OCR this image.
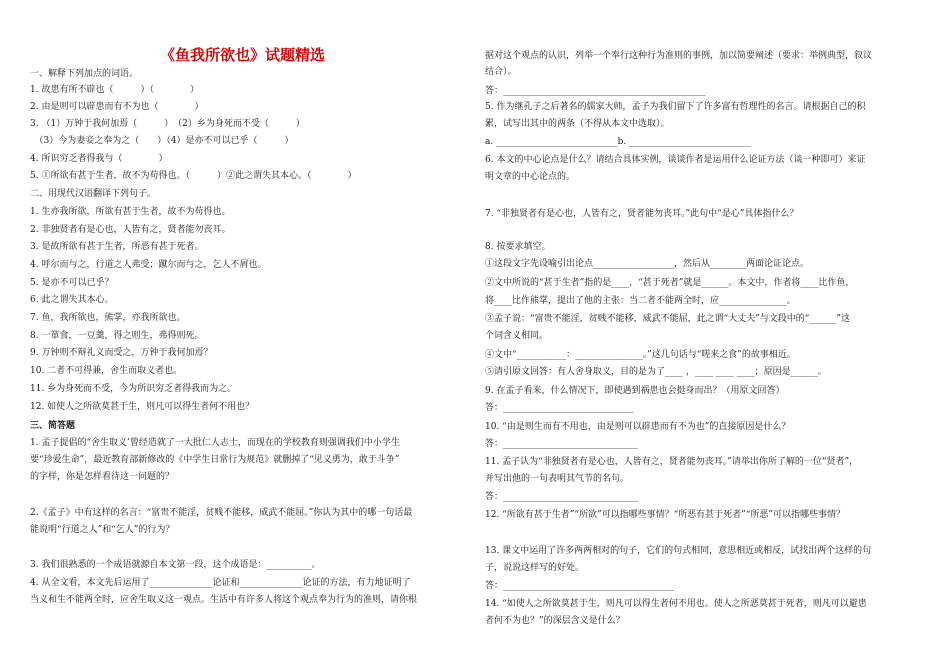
《鱼我所欲也》试题精选
一、解释下列加点的词语。
1. 故患有所不辟也（　　　）（　　　　）
2. 由是则可以辟患而有不为也（　　　　）
3. （1）万钟于我何加焉（　　　）　（2）乡为身死而不受（　　　）
　（3）今为妻妾之奉为之（　　）（4）是亦不可以已乎（　　　）
4. 所识穷乏者得我与（　　　　）
5. ①所欲有甚于生者，故不为苟得也。（　　　）②此之谓失其本心。（　　　　）
二、用现代汉语翻译下列句子。
1. 生亦我所欲，所欲有甚于生者，故不为苟得也。
2. 非独贤者有是心也，人皆有之，贤者能勿丧耳。
3. 是故所欲有甚于生者，所恶有甚于死者。
4. 呼尔而与之，行道之人弗受；蹴尔而与之，乞人不屑也。
5. 是亦不可以已乎？
6. 此之谓失其本心。
7. 鱼，我所欲也，熊掌，亦我所欲也。
8. 一箪食，一豆羹，得之则生，弗得则死。
9. 万钟则不辩礼义而受之，万钟于我何加焉？
10. 二者不可得兼，舍生而取义者也。
11. 乡为身死而不受，今为所识穷乏者得我而为之。
12. 如使人之所欲莫甚于生，则凡可以得生者何不用也？
三、简答题
1. 孟子提倡的“舍生取义’曾经造就了一大批仁人志士，而现在的学校教育则强调我们中小学生
要“珍爱生命”，最近教育部新修改的《中学生日常行为规范》就删掉了“见义勇为，敢于斗争”
的字样，你是怎样看待这一问题的？
2.《孟子》中有这样的名言：“富贵不能淫，贫贱不能移，威武不能屈。”你认为其中的哪一句话最
能说明“行道之人”和“乞人”的行为？
3. 我们很熟悉的一个成语就源自本文第一段，这个成语是：__________。
4. 从全文看，本文先后运用了______________论证和______________论证的方法，有力地证明了
当义和生不能两全时，应舍生取义这一观点。生活中有许多人将这个观点奉为行为的准则，请你根
据对这个观点的认识，列举一个奉行这种行为准则的事例，加以简要阐述（要求：举例典型，叙议
结合）。
答：_____________________________________________
5. 作为继孔子之后著名的儒家大师，孟子为我们留下了许多富有哲理性的名言。请根据自己的积
累，试写出其中的两条（不得从本文中选取）。
a. ___________________________b. ___________________________
6. 本文的中心论点是什么？请结合具体实例，谈谈作者是运用什么论证方法（谈一种即可）来证
明文章的中心论点的。
7. “非独贤者有是心也，人皆有之，贤者能勿丧耳。”此句中“是心”具体指什么？
8. 按要求填空。
①这段文字先设喻引出论点__________________，然后从________两面论证论点。
②文中所说的“甚于生者”指的是____，“甚于死者”就是______。本文中，作者将____比作鱼，
将____比作熊掌，提出了他的主张：当二者不能两全时，应_______________。
③孟子说：“富贵不能淫，贫贱不能移，威武不能屈，此之谓“大丈夫”与文段中的“______”这
个词含义相同。
④文中“___________：_______________。”这几句话与“嗟来之食”的故事相近。
⑤请引原文回答：有人舍身取义，目的是为了____ ，____ ____ ____；原因是______。
9. 在孟子看来，什么情况下，即使遇到祸患也会挺身而出？（用原文回答）
答：_____________________________
10. “由是则生而有不用也，由是则可以辟患而有不为也”的直接原因是什么？
答：______________________________
11. 孟子认为“非独贤者有是心也，人皆有之，贤者能勿丧耳。”请举出你所了解的一位“贤者”，
并写出他的一句表明其气节的名句。
答：______________________________
12. “所欲有甚于生者”“所欲”可以指哪些事情？“所恶有甚于死者”“所恶”可以指哪些事情？
13. 课文中运用了许多两两相对的句子，它们的句式相同，意思相近或相反，试找出两个这样的句
子，说说这样写的好处。
答：______________________________________
14. “如使人之所欲莫甚于生，则凡可以得生者何不用也。使人之所恶莫甚于死者，则凡可以避患
者何不为也？”的深层含义是什么？
